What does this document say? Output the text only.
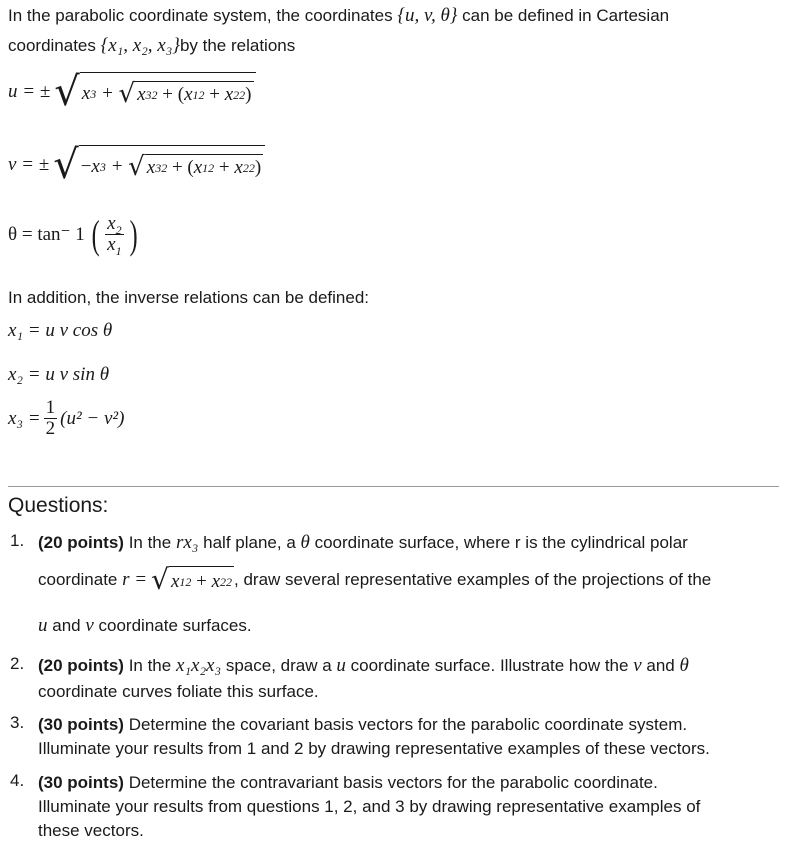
In the parabolic coordinate system, the coordinates {u, v, θ} can be defined in Cartesian
coordinates {x₁, x₂, x₃}by the relations
u = ± √ x 3 + √ x 3 2
+
( x 1 2
+ x 2 2 )
v = ± √ − x 3 + √ x 3 2
+
( x 1 2
+ x 2 2 )
θ = tan⁻ 1 ( $\frac{x_2}{x_1}$ )
In addition, the inverse relations can be defined:
x₁ = u v cos θ
x₂ = u v sin θ
$x_3 = \frac{1}{2} (u^2 - v^2)$
Questions:
1. (20 points) In the rx₃ half plane, a θ coordinate surface, where r is the cylindrical polar
coordinate
r = √ x 1 2
+ x 2 2 , draw several representative examples of the projections of the
u and v coordinate surfaces.
2. (20 points) In the x₁x₂x₃ space, draw a u coordinate surface. Illustrate how the v and θ
coordinate curves foliate this surface.
3. (30 points) Determine the covariant basis vectors for the parabolic coordinate system.
Illuminate your results from 1 and 2 by drawing representative examples of these vectors.
4. (30 points) Determine the contravariant basis vectors for the parabolic coordinate.
Illuminate your results from questions 1, 2, and 3 by drawing representative examples of
these vectors.
